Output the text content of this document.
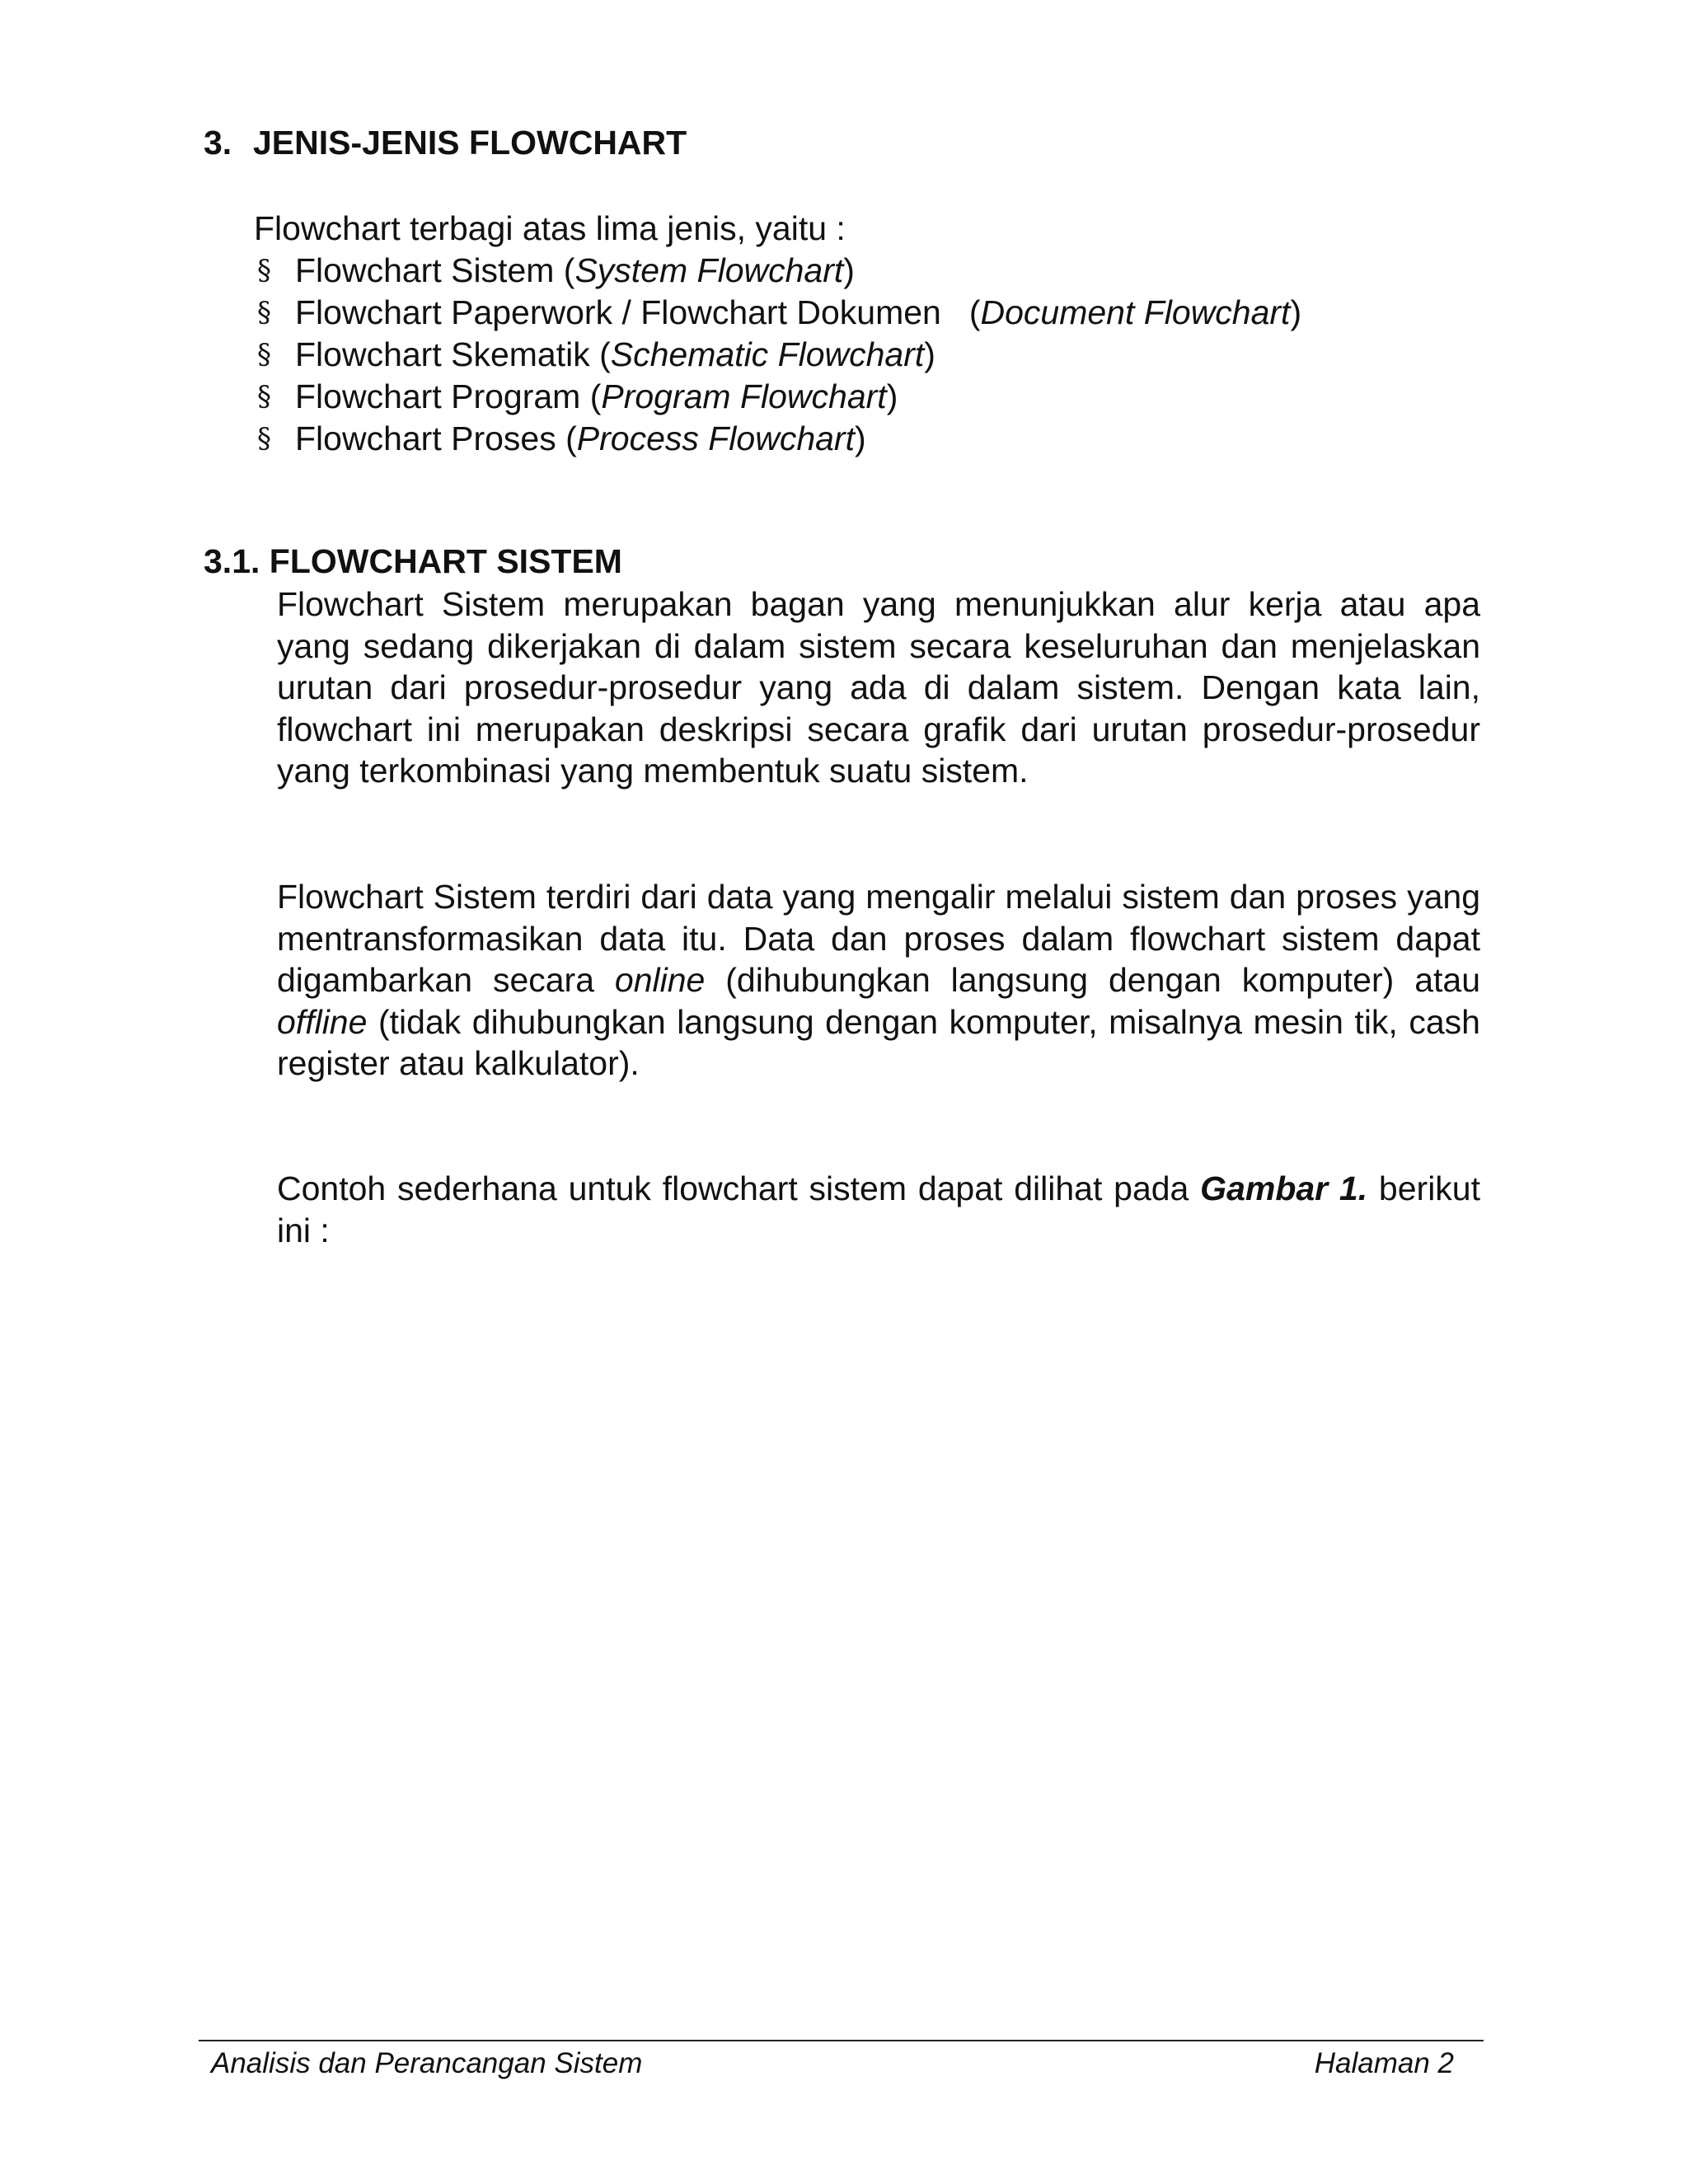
3. JENIS-JENIS FLOWCHART
Flowchart terbagi atas lima jenis, yaitu :
§ Flowchart Sistem ( System Flowchart )
§ Flowchart Paperwork / Flowchart Dokumen ( Document Flowchart )
§ Flowchart Skematik ( Schematic Flowchart )
§ Flowchart Program ( Program Flowchart )
§ Flowchart Proses ( Process Flowchart )
3.1. FLOWCHART SISTEM

Flowchart Sistem merupakan bagan yang menunjukkan alur kerja atau apa yang sedang dikerjakan di dalam sistem secara keseluruhan dan menjelaskan urutan dari prosedur-prosedur yang ada di dalam sistem. Dengan kata lain, flowchart ini merupakan deskripsi secara grafik dari urutan prosedur-prosedur yang terkombinasi yang membentuk suatu sistem.

Flowchart Sistem terdiri dari data yang mengalir melalui sistem dan proses yang mentransformasikan data itu. Data dan proses dalam flowchart sistem dapat digambarkan secara online (dihubungkan langsung dengan komputer) atau offline (tidak dihubungkan langsung dengan komputer, misalnya mesin tik, cash register atau kalkulator).

Contoh sederhana untuk flowchart sistem dapat dilihat pada Gambar 1. berikut ini :

Analisis dan Perancangan Sistem	Halaman 2
